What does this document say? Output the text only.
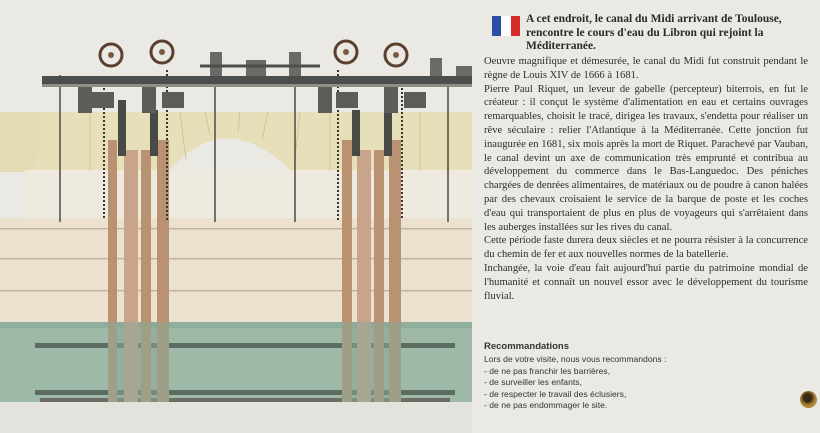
A cet endroit, le canal du Midi arrivant de Toulouse, rencontre le cours d'eau du Libron qui rejoint la Méditerranée.

Oeuvre magnifique et démesurée, le canal du Midi fut construit pendant le règne de Louis XIV de 1666 à 1681.

Pierre Paul Riquet, un leveur de gabelle (percepteur) biterrois, en fut le créateur : il conçut le système d'alimentation en eau et certains ouvrages remarquables, choisit le tracé, dirigea les travaux, s'endetta pour réaliser un rêve séculaire : relier l'Atlantique à la Méditerranée. Cette jonction fut inaugurée en 1681, six mois après la mort de Riquet. Parachevé par Vauban, le canal devint un axe de communication très emprunté et contribua au développement du commerce dans le Bas-Languedoc. Des péniches chargées de denrées alimentaires, de matériaux ou de poudre à canon halées par des chevaux croisaient le service de la barque de poste et les coches d'eau qui transportaient de plus en plus de voyageurs qui s'arrêtaient dans les auberges installées sur les rives du canal.

Cette période faste durera deux siècles et ne pourra résister à la concurrence du chemin de fer et aux nouvelles normes de la batellerie.

Inchangée, la voie d'eau fait aujourd'hui partie du patrimoine mondial de l'humanité et connaît un nouvel essor avec le développement du tourisme fluvial.

Recommandations

Lors de votre visite, nous vous recommandons :

- de ne pas franchir les barrières,
- de surveiller les enfants,
- de respecter le travail des éclusiers,
- de ne pas endommager le site.
